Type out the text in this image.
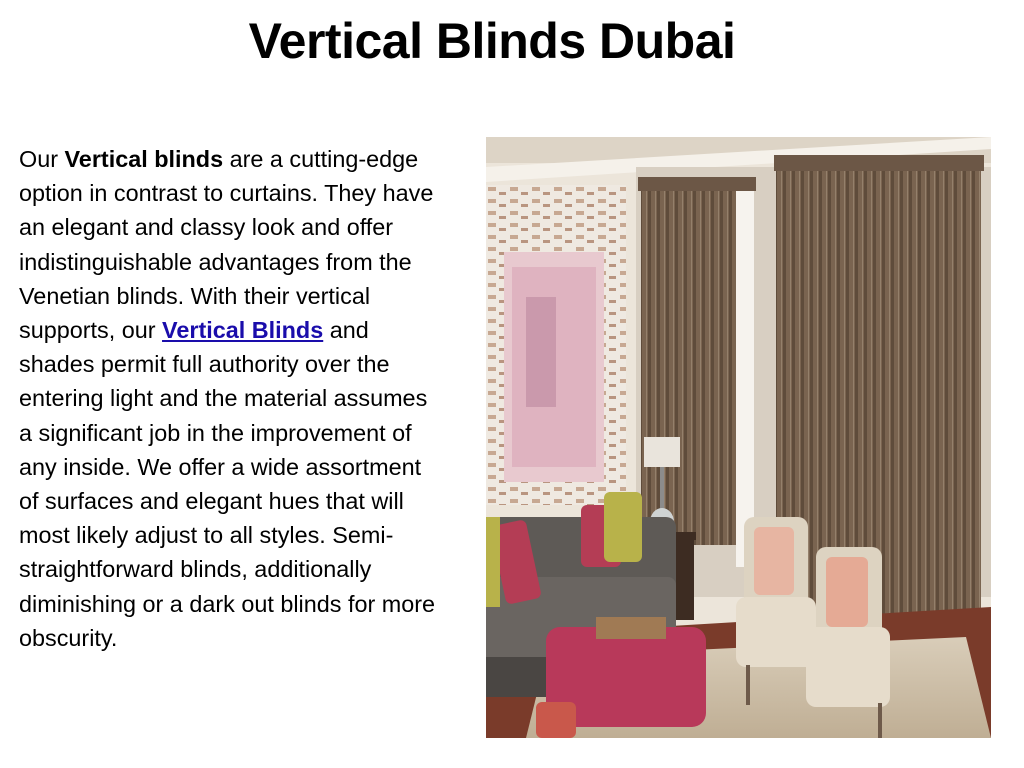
Vertical Blinds Dubai
Our Vertical blinds are a cutting-edge option in contrast to curtains. They have an elegant and classy look and offer indistinguishable advantages from the Venetian blinds. With their vertical supports, our Vertical Blinds and shades permit full authority over the entering light and the material assumes a significant job in the improvement of any inside. We offer a wide assortment of surfaces and elegant hues that will most likely adjust to all styles. Semi-straightforward blinds, additionally diminishing or a dark out blinds for more obscurity.
